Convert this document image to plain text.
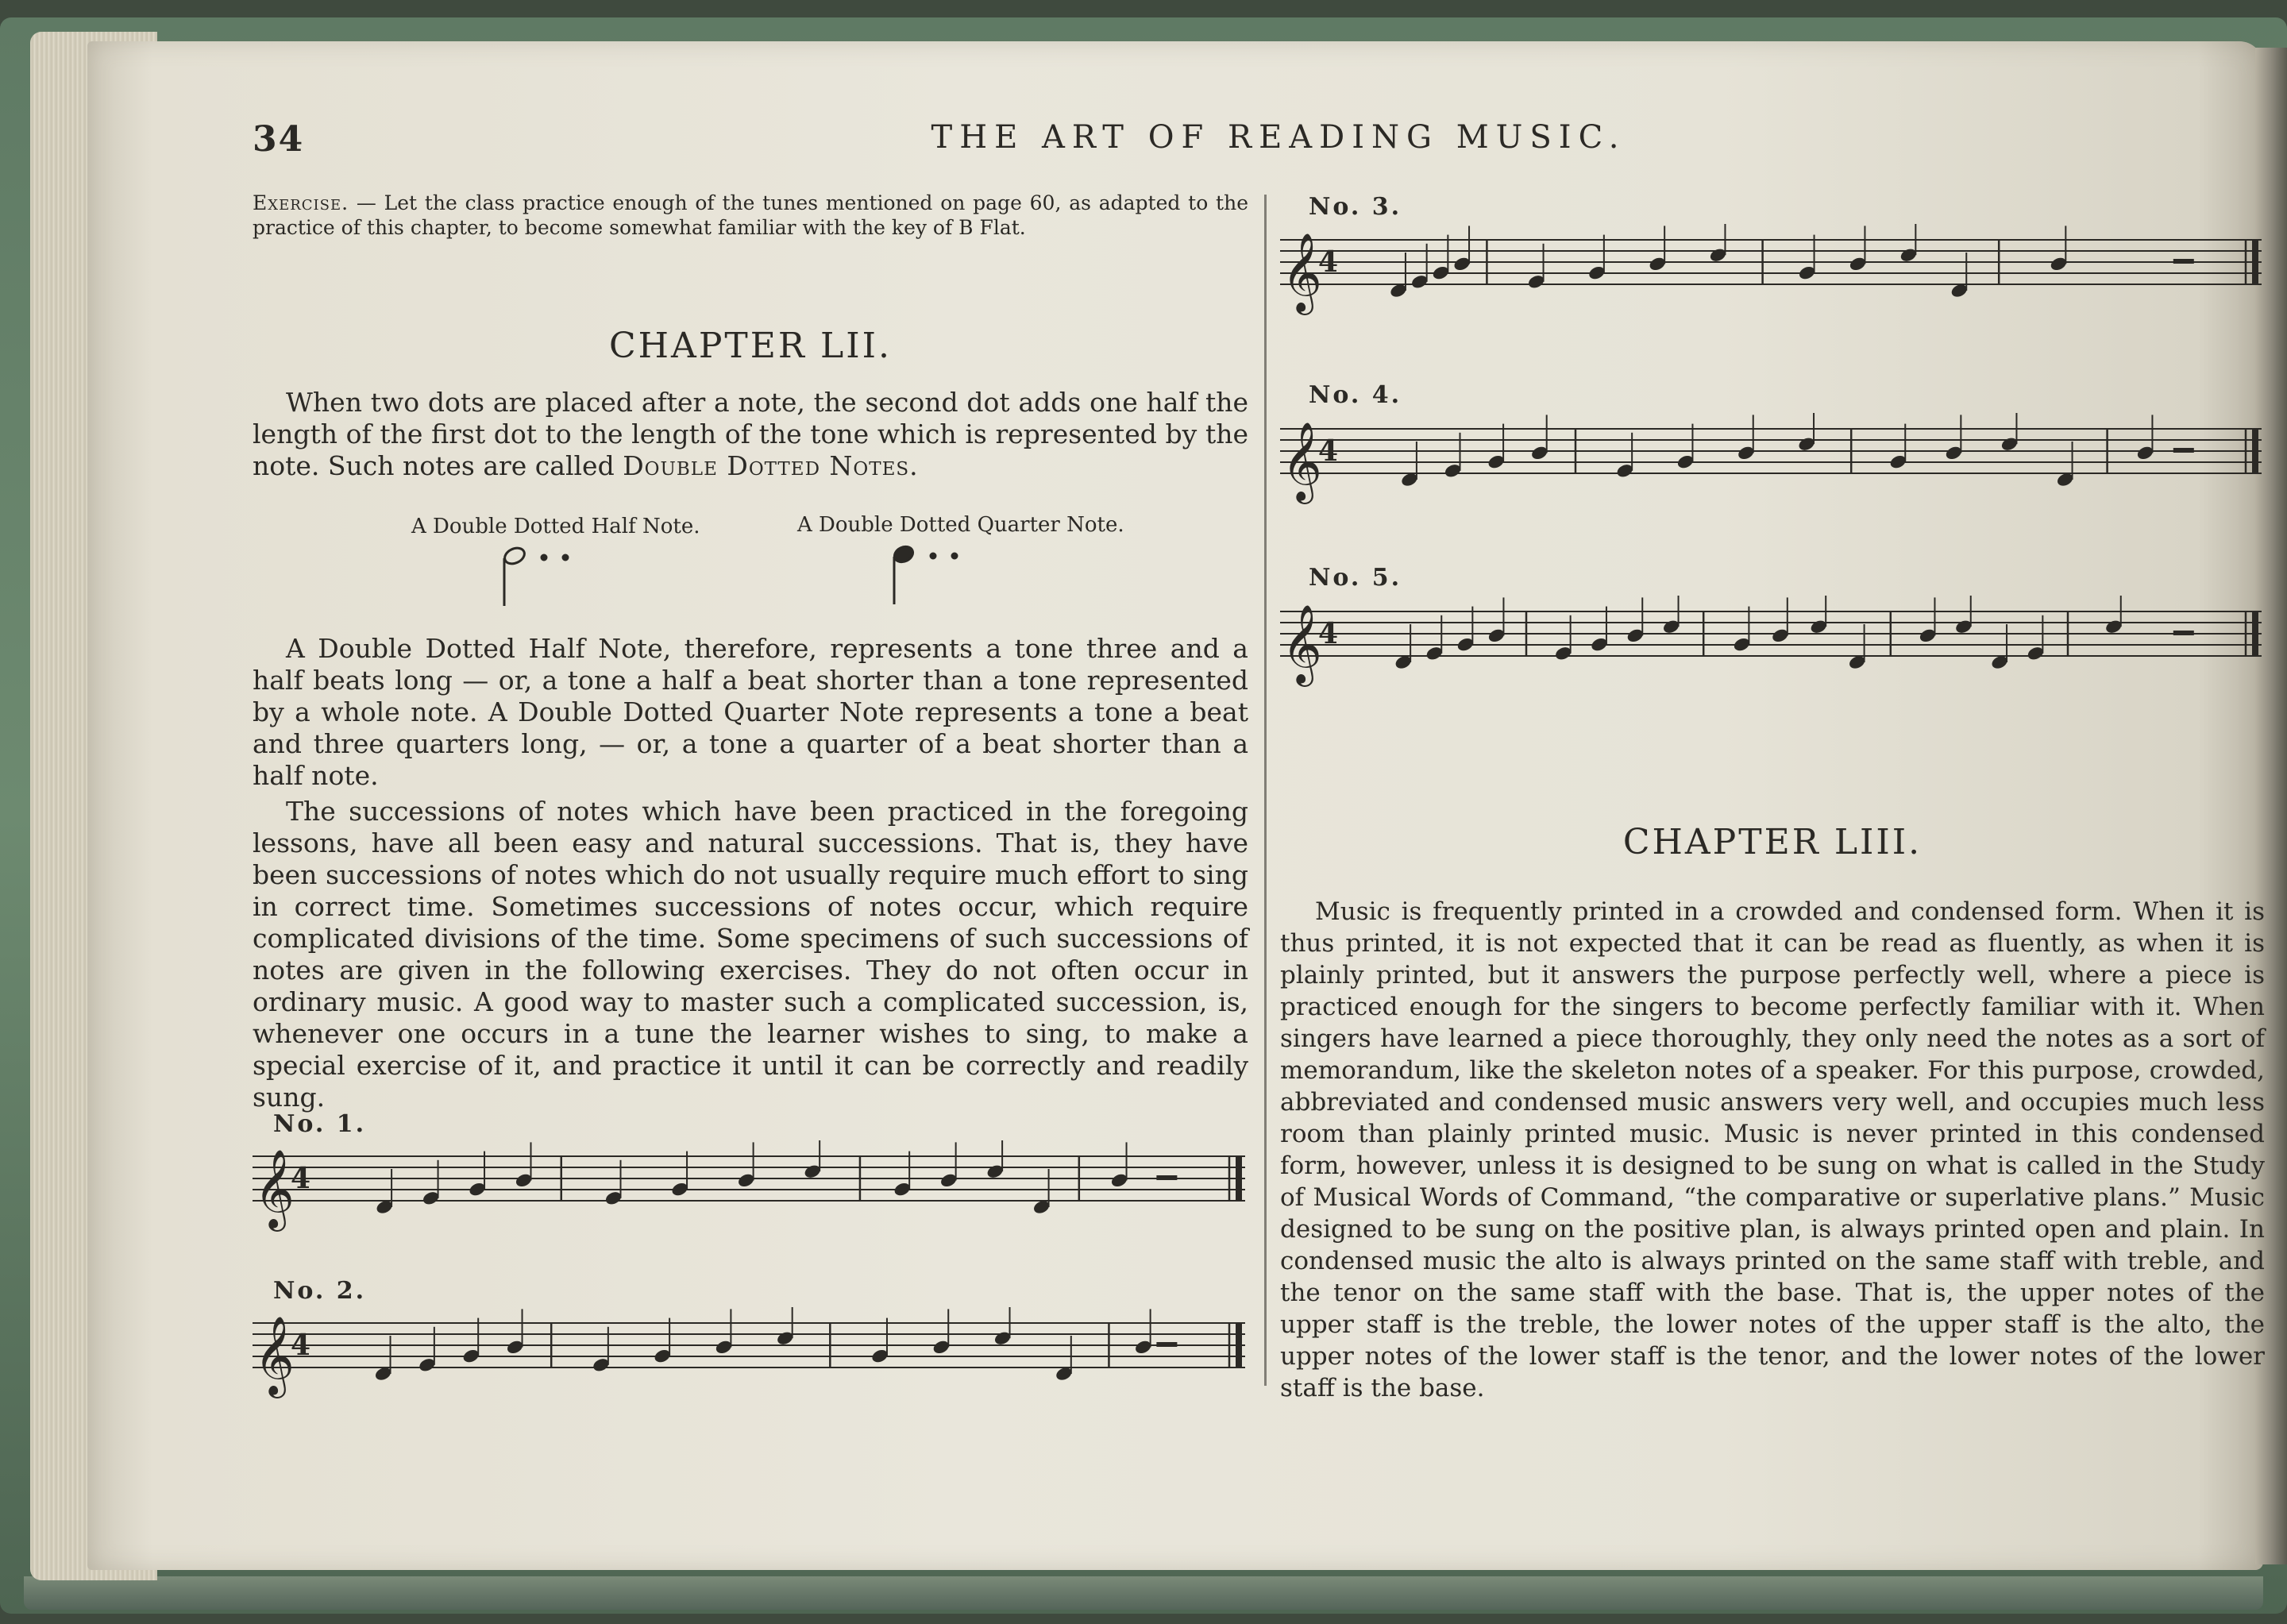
34	THE ART OF READING MUSIC.
Exercise. — Let the class practice enough of the tunes mentioned on page 60, as adapted to the practice of this chapter, to become somewhat familiar with the key of B Flat.
CHAPTER LII.

When two dots are placed after a note, the second dot adds one half the length of the first dot to the length of the tone which is represented by the note. Such notes are called Double Dotted Notes.

A Double Dotted Half Note.	A Double Dotted Quarter Note.

A Double Dotted Half Note, therefore, represents a tone three and a half beats long — or, a tone a half a beat shorter than a tone represented by a whole note. A Double Dotted Quarter Note represents a tone a beat and three quarters long, — or, a tone a quarter of a beat shorter than a half note.

The successions of notes which have been practiced in the foregoing lessons, have all been easy and natural successions. That is, they have been successions of notes which do not usually require much effort to sing in correct time. Sometimes successions of notes occur, which require complicated divisions of the time. Some specimens of such successions of notes are given in the following exercises. They do not often occur in ordinary music. A good way to master such a complicated succession, is, whenever one occurs in a tune the learner wishes to sing, to make a special exercise of it, and practice it until it can be correctly and readily sung.

No. 1.
𝄞
4
No. 2.
𝄞
4
No. 3.
𝄞
4
No. 4.
𝄞
4
No. 5.
𝄞
4
CHAPTER LIII.

Music is frequently printed in a crowded and condensed form. When it is thus printed, it is not expected that it can be read as fluently, as when it is plainly printed, but it answers the purpose perfectly well, where a piece is practiced enough for the singers to become perfectly familiar with it. When singers have learned a piece thoroughly, they only need the notes as a sort of memorandum, like the skeleton notes of a speaker. For this purpose, crowded, abbreviated and condensed music answers very well, and occupies much less room than plainly printed music. Music is never printed in this condensed form, however, unless it is designed to be sung on what is called in the Study of Musical Words of Command, “the comparative or superlative plans.” Music designed to be sung on the positive plan, is always printed open and plain. In condensed music the alto is always printed on the same staff with treble, and the tenor on the same staff with the base. That is, the upper notes of the upper staff is the treble, the lower notes of the upper staff is the alto, the upper notes of the lower staff is the tenor, and the lower notes of the lower staff is the base.
